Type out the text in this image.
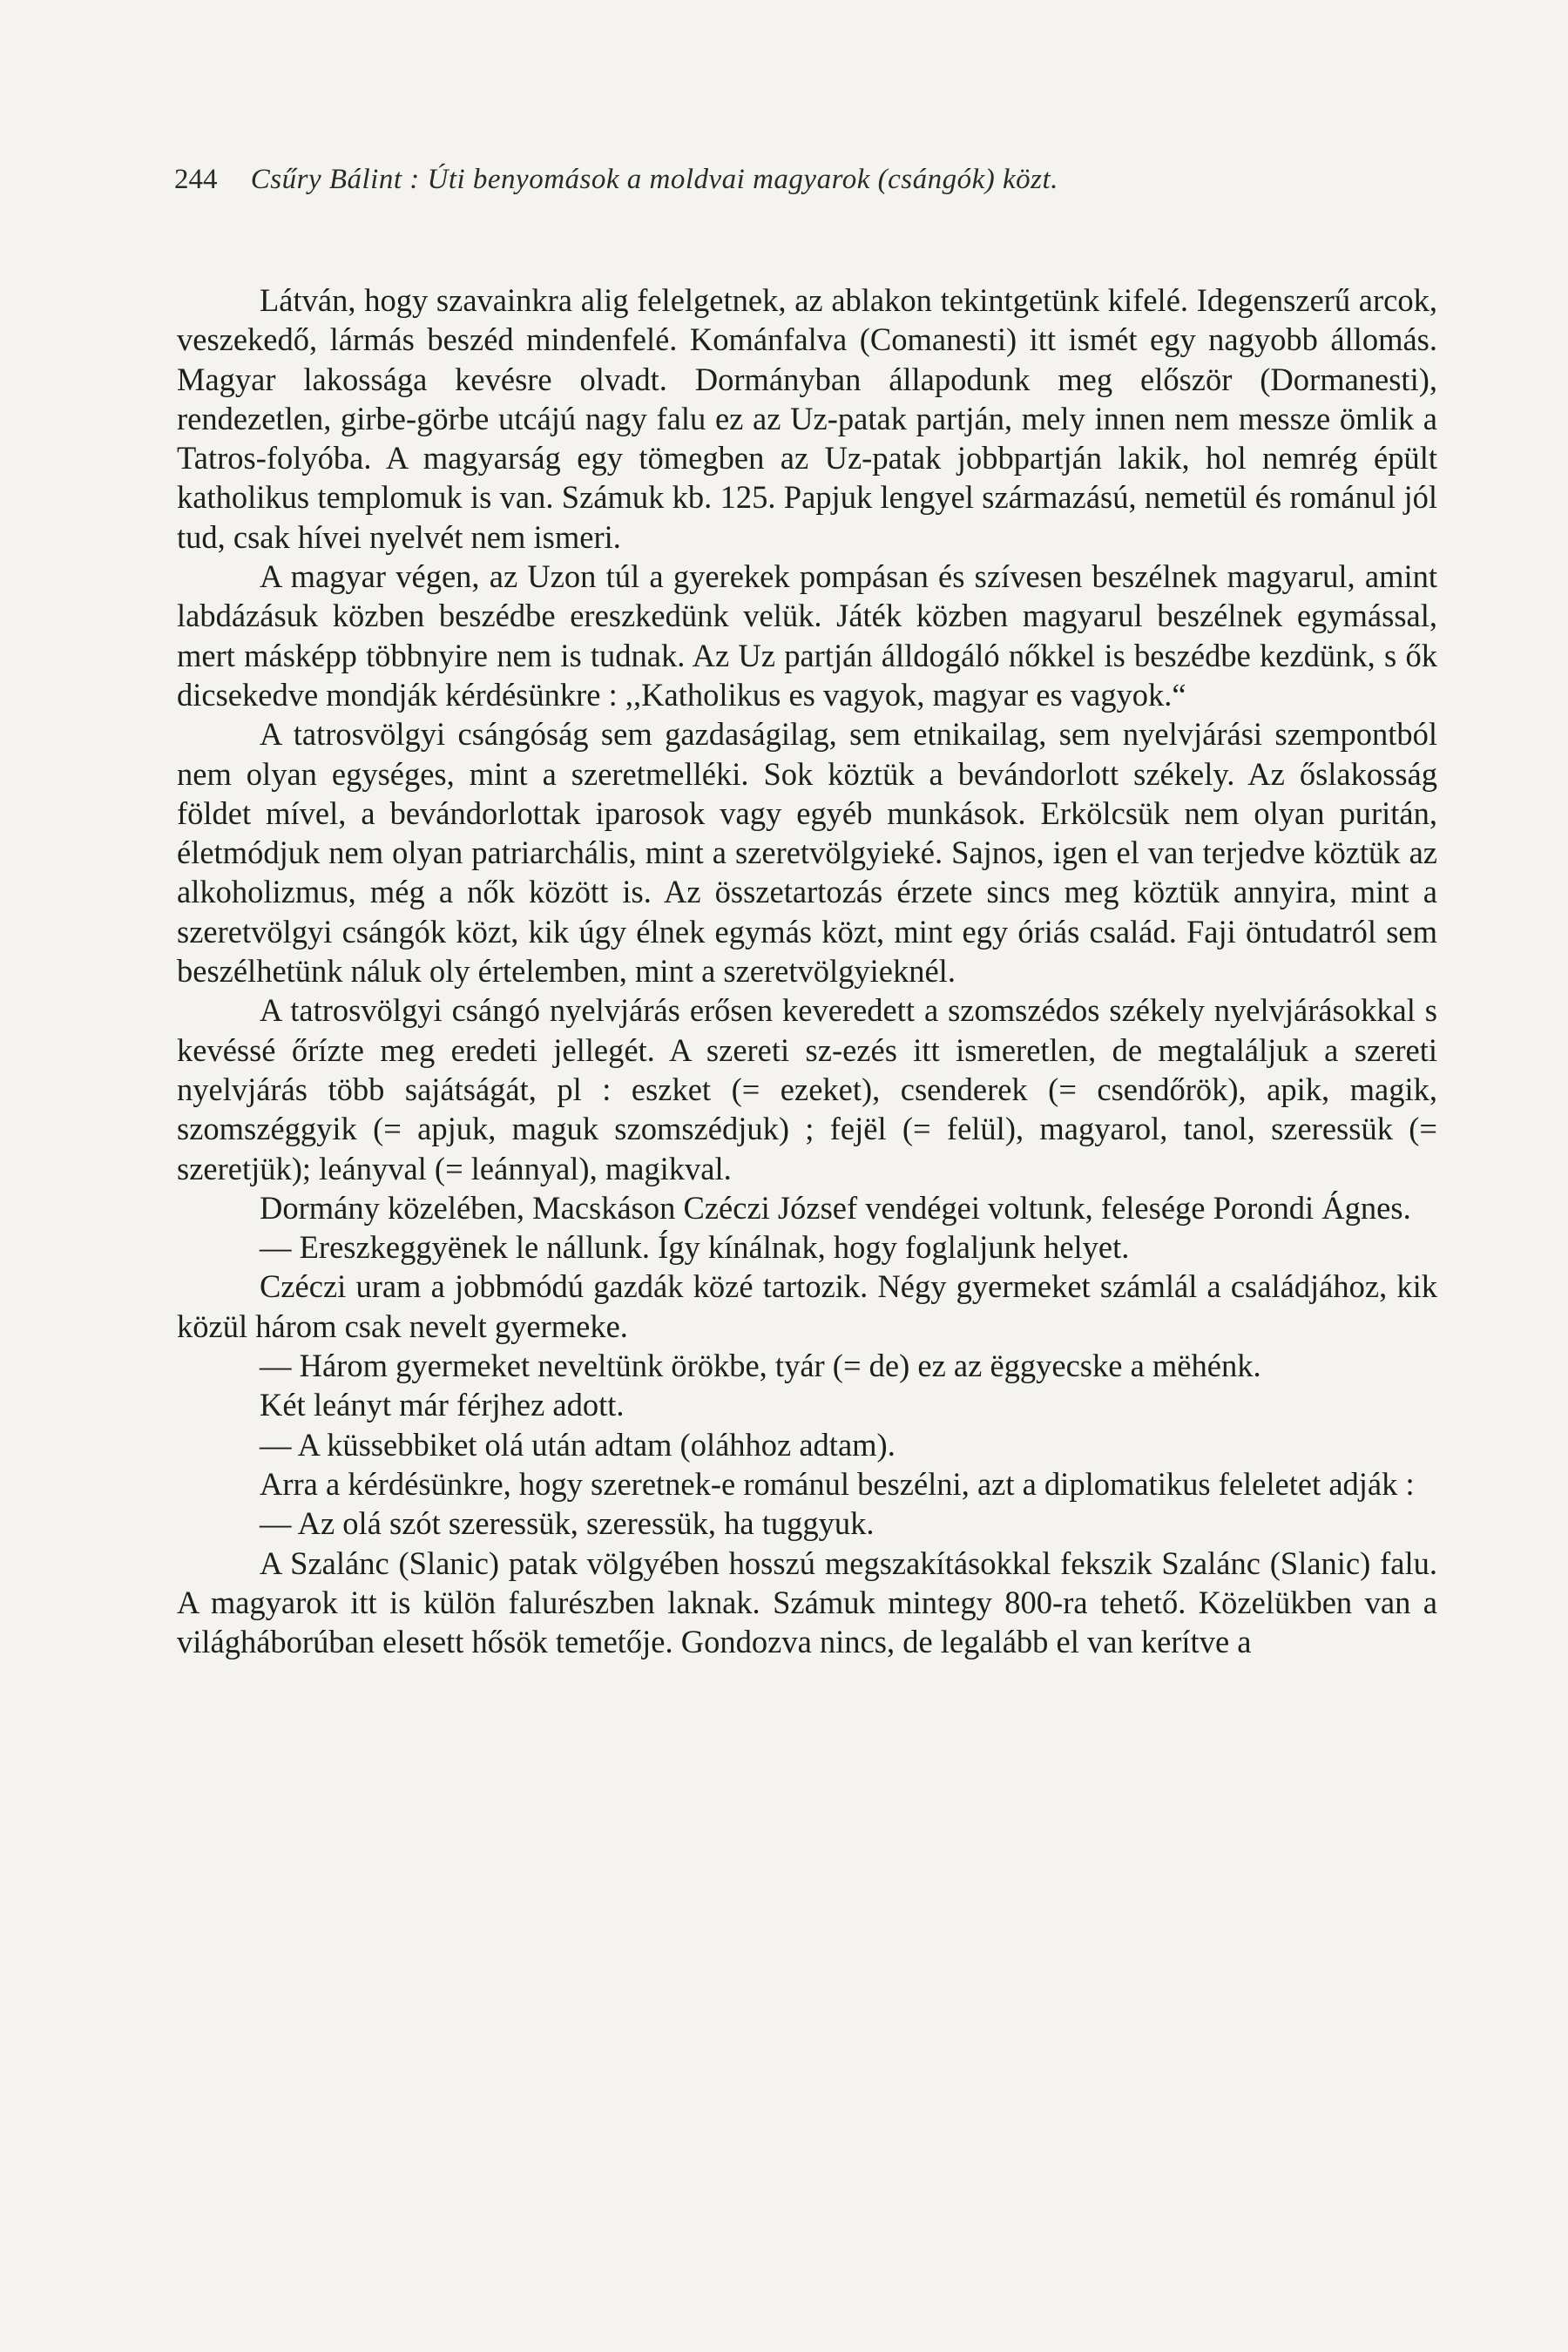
244 Csűry Bálint : Úti benyomások a moldvai magyarok (csángók) közt.

Látván, hogy szavainkra alig felelgetnek, az ablakon tekintgetünk kifelé. Idegenszerű arcok, veszekedő, lármás beszéd mindenfelé. Kománfalva (Comanesti) itt ismét egy nagyobb állomás. Magyar lakossága kevésre olvadt. Dormányban állapodunk meg először (Dormanesti), rendezetlen, girbe-görbe utcájú nagy falu ez az Uz-patak partján, mely innen nem messze ömlik a Tatros-folyóba. A magyarság egy tömegben az Uz-patak jobbpartján lakik, hol nemrég épült katholikus templomuk is van. Számuk kb. 125. Papjuk lengyel származású, nemetül és románul jól tud, csak hívei nyelvét nem ismeri.

A magyar végen, az Uzon túl a gyerekek pompásan és szívesen beszélnek magyarul, amint labdázásuk közben beszédbe ereszkedünk velük. Játék közben magyarul beszélnek egymással, mert másképp többnyire nem is tudnak. Az Uz partján álldogáló nőkkel is beszédbe kezdünk, s ők dicsekedve mondják kérdésünkre : ,,Katholikus es vagyok, magyar es vagyok.“

A tatrosvölgyi csángóság sem gazdaságilag, sem etnikailag, sem nyelvjárási szempontból nem olyan egységes, mint a szeretmelléki. Sok köztük a bevándorlott székely. Az őslakosság földet mível, a bevándorlottak iparosok vagy egyéb munkások. Erkölcsük nem olyan puritán, életmódjuk nem olyan patriarchális, mint a szeretvölgyieké. Sajnos, igen el van terjedve köztük az alkoholizmus, még a nők között is. Az összetartozás érzete sincs meg köztük annyira, mint a szeretvölgyi csángók közt, kik úgy élnek egymás közt, mint egy óriás család. Faji öntudatról sem beszélhetünk náluk oly értelemben, mint a szeretvölgyieknél.

A tatrosvölgyi csángó nyelvjárás erősen keveredett a szomszédos székely nyelvjárásokkal s kevéssé őrízte meg eredeti jellegét. A szereti sz-ezés itt ismeretlen, de megtaláljuk a szereti nyelvjárás több sajátságát, pl : eszket (= ezeket), csenderek (= csendőrök), apik, magik, szomszéggyik (= apjuk, maguk szomszédjuk) ; fejël (= felül), magyarol, tanol, szeressük (= szeretjük); leányval (= leánnyal), magikval.

Dormány közelében, Macskáson Czéczi József vendégei voltunk, felesége Porondi Ágnes.

— Ereszkeggyënek le nállunk. Így kínálnak, hogy foglaljunk helyet.

Czéczi uram a jobbmódú gazdák közé tartozik. Négy gyermeket számlál a családjához, kik közül három csak nevelt gyermeke.

— Három gyermeket neveltünk örökbe, tyár (= de) ez az ëggyecske a mëhénk.

Két leányt már férjhez adott.

— A küssebbiket olá után adtam (oláhhoz adtam).

Arra a kérdésünkre, hogy szeretnek-e románul beszélni, azt a diplomatikus feleletet adják :

— Az olá szót szeressük, szeressük, ha tuggyuk.

A Szalánc (Slanic) patak völgyében hosszú megszakításokkal fekszik Szalánc (Slanic) falu. A magyarok itt is külön falurészben laknak. Számuk mintegy 800-ra tehető. Közelükben van a világháborúban elesett hősök temetője. Gondozva nincs, de legalább el van kerítve a
